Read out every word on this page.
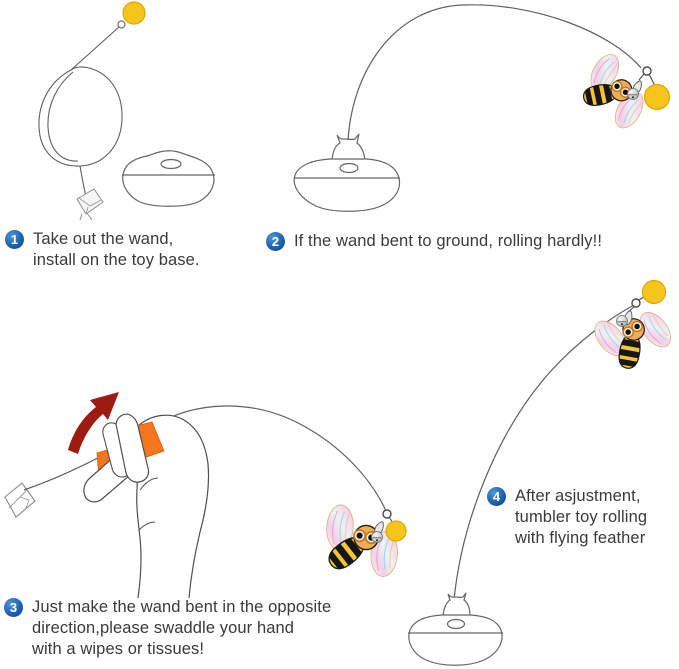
1 Take out the wand,
install on the toy base.
2 If the wand bent to ground, rolling hardly!!
3 Just make the wand bent in the opposite
direction,please swaddle your hand
with a wipes or tissues!
4 After asjustment,
tumbler toy rolling
with flying feather
